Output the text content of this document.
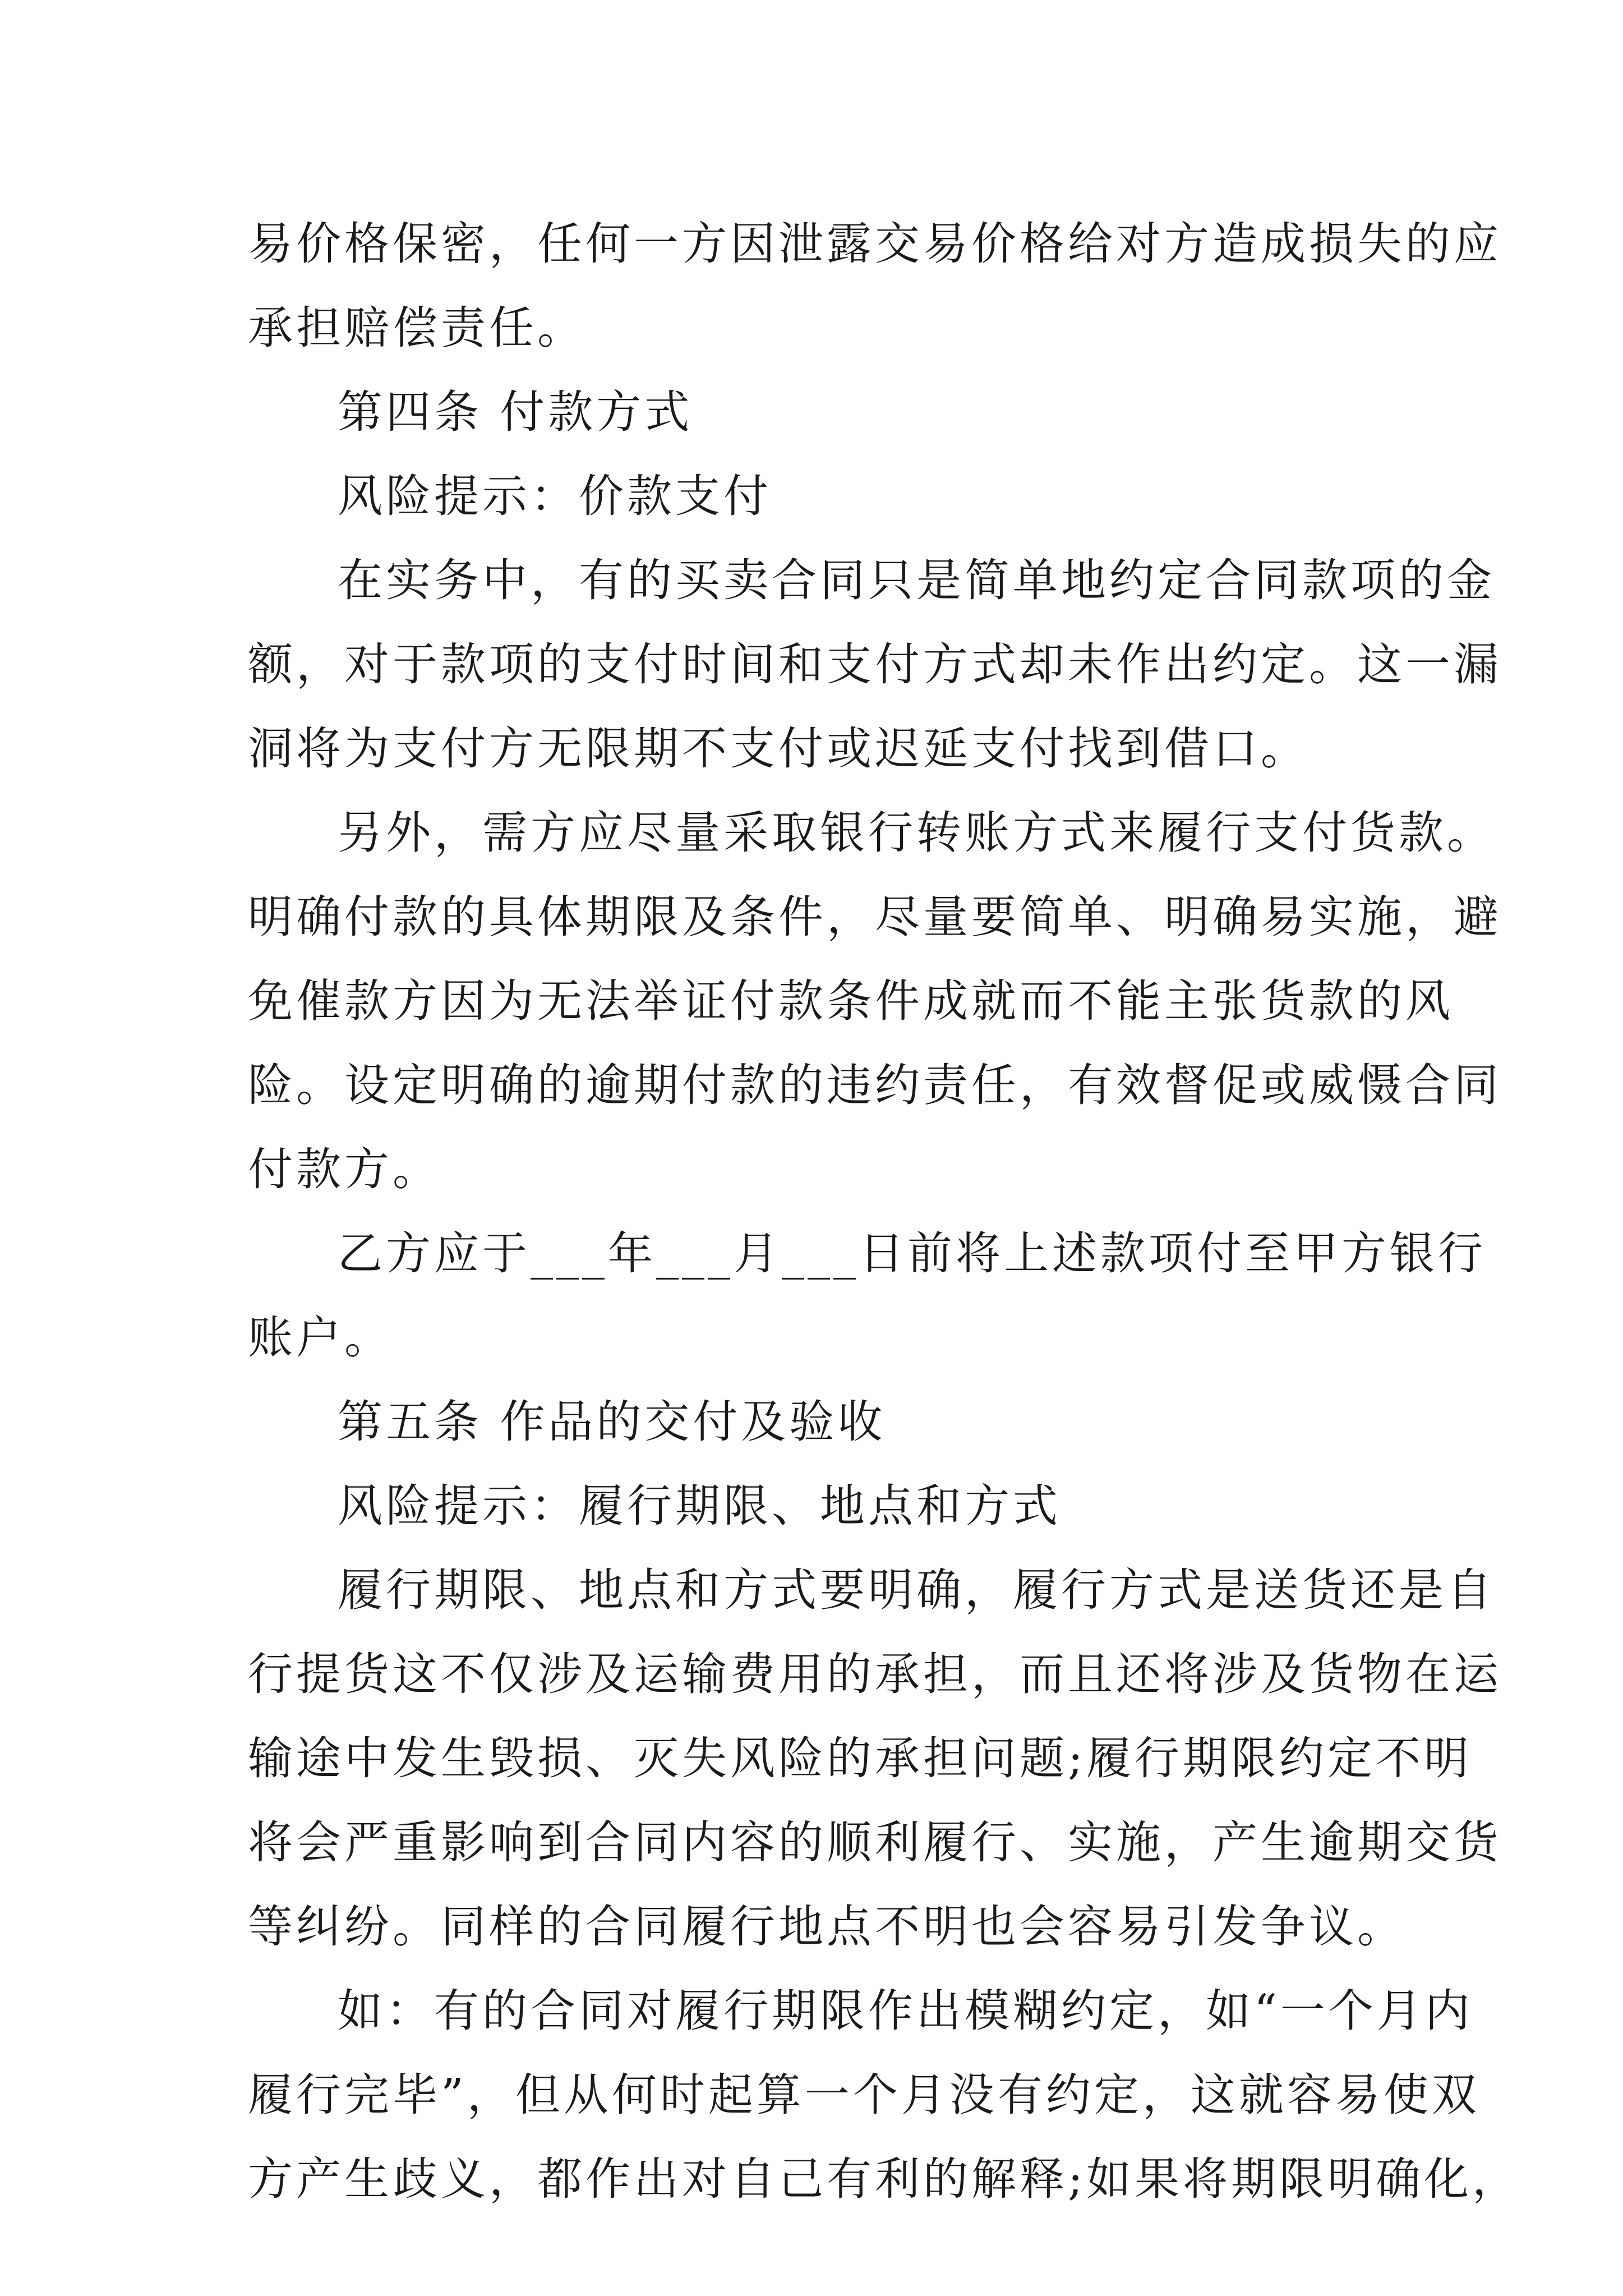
易价格保密，任何一方因泄露交易价格给对方造成损失的应
承担赔偿责任。
第四条 付款方式
风险提示：价款支付
在实务中，有的买卖合同只是简单地约定合同款项的金
额，对于款项的支付时间和支付方式却未作出约定。这一漏
洞将为支付方无限期不支付或迟延支付找到借口。
另外，需方应尽量采取银行转账方式来履行支付货款。
明确付款的具体期限及条件，尽量要简单、明确易实施，避
免催款方因为无法举证付款条件成就而不能主张货款的风
险。设定明确的逾期付款的违约责任，有效督促或威慑合同
付款方。
乙方应于___年___月___日前将上述款项付至甲方银行
账户。
第五条 作品的交付及验收
风险提示：履行期限、地点和方式
履行期限、地点和方式要明确，履行方式是送货还是自
行提货这不仅涉及运输费用的承担，而且还将涉及货物在运
输途中发生毁损、灭失风险的承担问题;履行期限约定不明
将会严重影响到合同内容的顺利履行、实施，产生逾期交货
等纠纷。同样的合同履行地点不明也会容易引发争议。
如：有的合同对履行期限作出模糊约定，如“一个月内
履行完毕”，但从何时起算一个月没有约定，这就容易使双
方产生歧义，都作出对自己有利的解释;如果将期限明确化，
